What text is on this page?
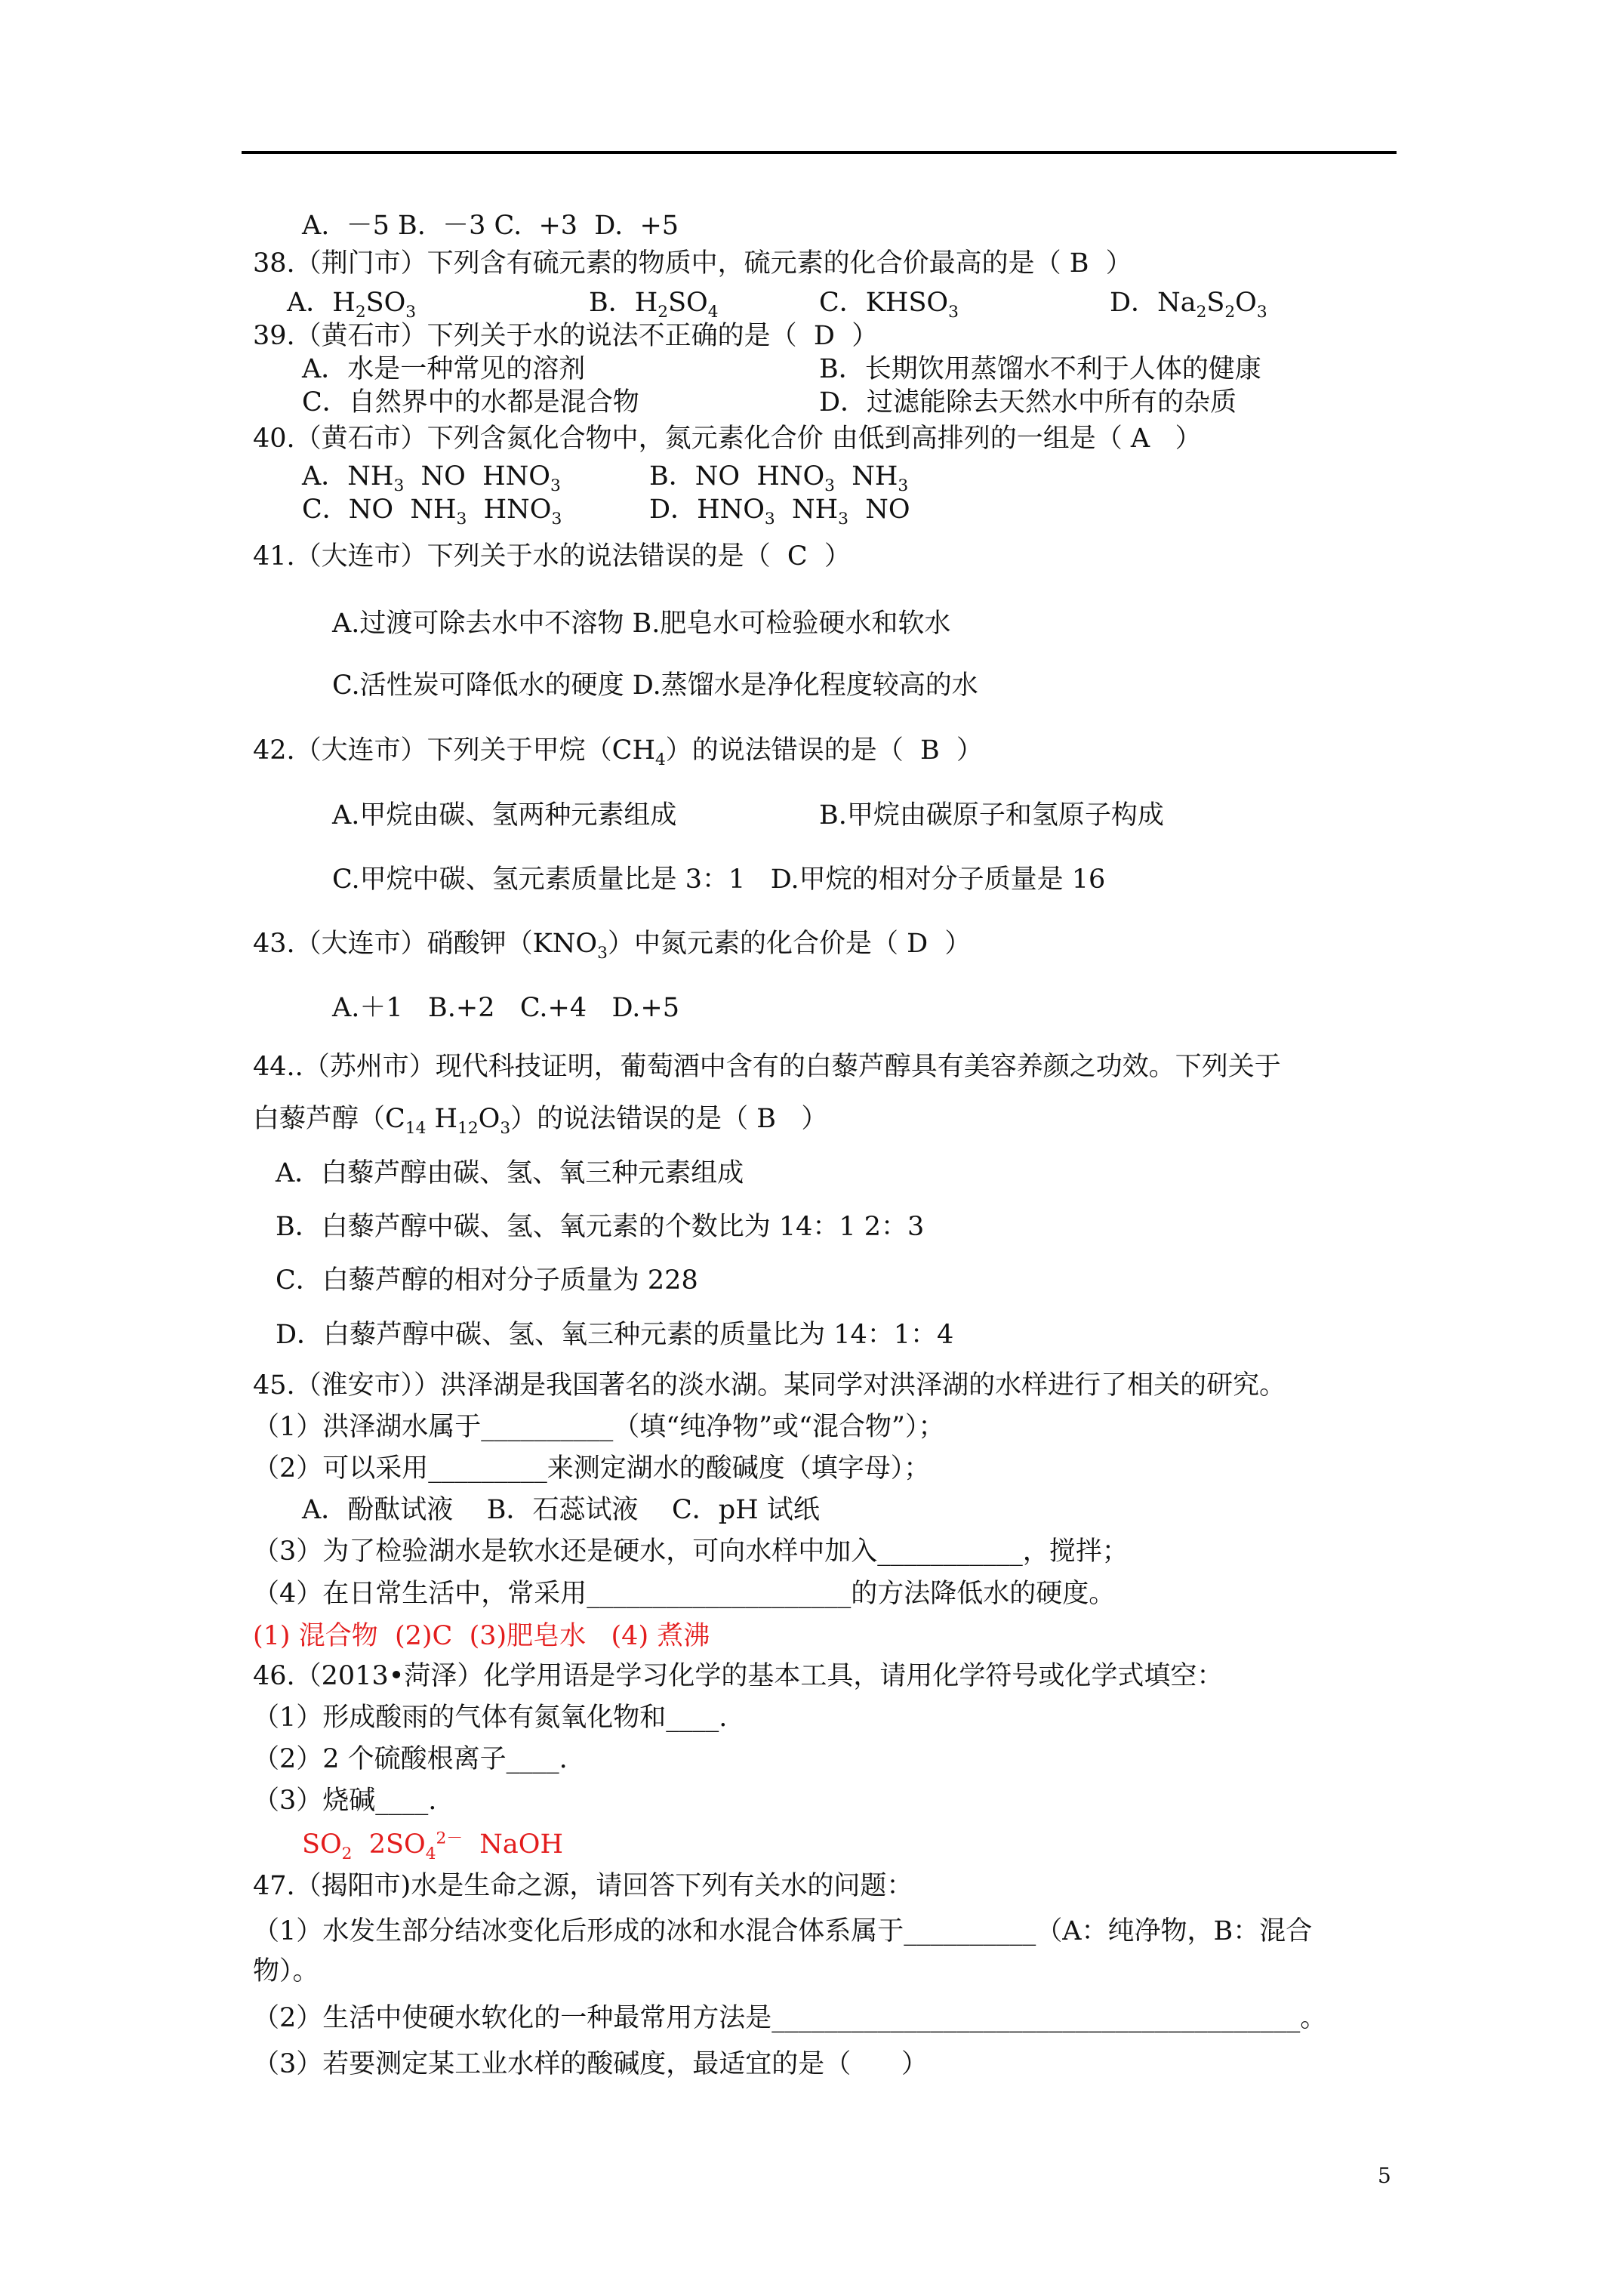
A.  －5 B.  －3 C.  +3  D.  +5
38.（荆门市）下列含有硫元素的物质中，硫元素的化合价最高的是（ B  ）
A．$H_2SO_3$	B．$H_2SO_4$	C．$KHSO_3$	D．$Na_2S_2O_3$
39.（黄石市）下列关于水的说法不正确的是（  D  ）
A．水是一种常见的溶剂	B．长期饮用蒸馏水不利于人体的健康
C．自然界中的水都是混合物	D．过滤能除去天然水中所有的杂质
40.（黄石市）下列含氮化合物中，氮元素化合价 由低到高排列的一组是（ A   ）
A．$NH_3$ NO $HNO_3$	B．NO $HNO_3$ $NH_3$
C．NO $NH_3$ $HNO_3$	D．$HNO_3$ $NH_3$ NO
41.（大连市）下列关于水的说法错误的是（  C  ）
A.过渡可除去水中不溶物 B.肥皂水可检验硬水和软水
C.活性炭可降低水的硬度 D.蒸馏水是净化程度较高的水
42.（大连市）下列关于甲烷$(CH_4)$的说法错误的是（  B  ）
A.甲烷由碳、氢两种元素组成	B.甲烷由碳原子和氢原子构成
C.甲烷中碳、氢元素质量比是 3：1   D.甲烷的相对分子质量是 16
43.（大连市）硝酸钾$(KNO_3)$中氮元素的化合价是（ D  ）
A.＋1   B.+2   C.+4   D.+5
44..（苏州市）现代科技证明，葡萄酒中含有的白藜芦醇具有美容养颜之功效。下列关于
白藜芦醇（$C_{14}$ $H_{12}O_3$）的说法错误的是（ B   ）
A．白藜芦醇由碳、氢、氧三种元素组成
B．白藜芦醇中碳、氢、氧元素的个数比为 14：1 2：3
C．白藜芦醇的相对分子质量为 228
D．白藜芦醇中碳、氢、氧三种元素的质量比为 14：1：4
45.（淮安市））洪泽湖是我国著名的淡水湖。某同学对洪泽湖的水样进行了相关的研究。
（1）洪泽湖水属于__________（填“纯净物”或“混合物”）；
（2）可以采用_________来测定湖水的酸碱度（填字母）；
A．酚酞试液    B．石蕊试液    C．pH 试纸
（3）为了检验湖水是软水还是硬水，可向水样中加入___________，搅拌；
（4）在日常生活中，常采用____________________的方法降低水的硬度。
(1) 混合物  (2)C  (3)肥皂水   (4) 煮沸
46.（2013•菏泽）化学用语是学习化学的基本工具，请用化学符号或化学式填空：
（1）形成酸雨的气体有氮氧化物和____.
（2）2 个硫酸根离子____.
（3）烧碱____.
$SO_2$ $2SO_4^{2-}$ NaOH
47.（揭阳市)水是生命之源，请回答下列有关水的问题：
（1）水发生部分结冰变化后形成的冰和水混合体系属于__________（A：纯净物，B：混合
物）。
（2）生活中使硬水软化的一种最常用方法是________________________________________。
（3）若要测定某工业水样的酸碱度，最适宜的是（      ）
5
